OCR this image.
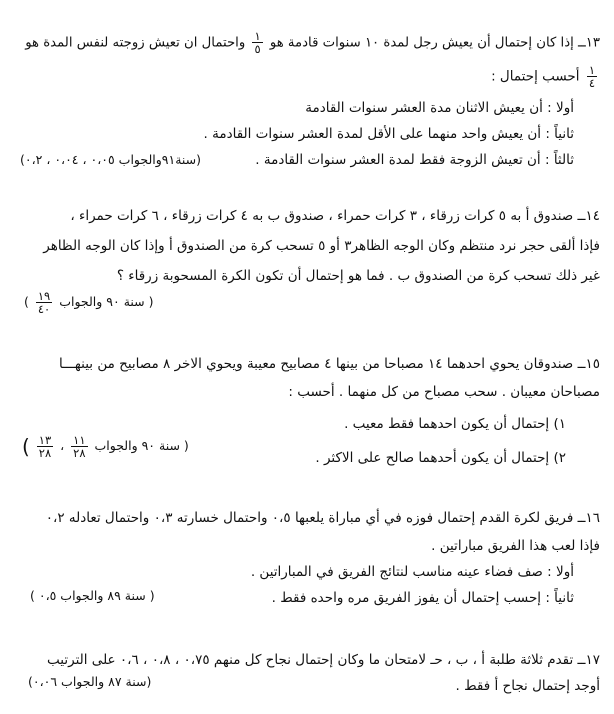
١٣ــ إذا كان إحتمال أن يعيش رجل لمدة ١٠ سنوات قادمة هو
$\frac{١}{٥}$
واحتمال ان تعيش زوجته لنفس المدة هو
$\frac{١}{٤}$
أحسب إحتمال :
أولا : أن يعيش الاثنان مدة العشر سنوات القادمة
ثانياً : أن يعيش واحد منهما على الأقل لمدة العشر سنوات القادمة .
ثالثاً : أن تعيش الزوجة فقط لمدة العشر سنوات القادمة .
(سنة٩١والجواب ٠،٠٥ ، ٠،٠٤ ، ٠،٢)
١٤ــ صندوق أ به ٥ كرات زرقاء ، ٣ كرات حمراء ، صندوق ب به ٤ كرات زرقاء ، ٦ كرات حمراء ،
فإذا ألقى حجر نرد منتظم وكان الوجه الظاهر٣ أو ٥ تسحب كرة من الصندوق أ وإذا كان الوجه الظاهر
غير ذلك تسحب كرة من الصندوق ب . فما هو إحتمال أن تكون الكرة المسحوبة زرقاء ؟
( سنة ٩٠ والجواب
$\frac{١٩}{٤٠}$
)
١٥ــ صندوقان يحوي احدهما ١٤ مصباحا من بينها ٤ مصابيح معيبة ويحوي الاخر ٨ مصابيح من بينهـــا
مصباحان معيبان . سحب مصباح من كل منهما . أحسب :
١) إحتمال أن يكون احدهما فقط معيب .
٢) إحتمال أن يكون أحدهما صالح على الاكثر .
( سنة ٩٠ والجواب
$\frac{١١}{٢٨}$
،
$\frac{١٣}{٢٨}$
)
١٦ــ فريق لكرة القدم إحتمال فوزه في أي مباراة يلعبها ٠،٥ واحتمال خسارته ٠،٣ واحتمال تعادله ٠،٢
فإذا لعب هذا الفريق مباراتين .
أولا : صف فضاء عينه مناسب لنتائج الفريق في المباراتين .
ثانياً : إحسب إحتمال أن يفوز الفريق مره واحده فقط .
( سنة ٨٩ والجواب ٠،٥ )
١٧ــ تقدم ثلاثة طلبة أ ، ب ، حـ لامتحان ما وكان إحتمال نجاح كل منهم ٠،٧٥ ، ٠،٨ ، ٠،٦ على الترتيب
أوجد إحتمال نجاح أ فقط .
(سنة ٨٧ والجواب ٠،٠٦)
